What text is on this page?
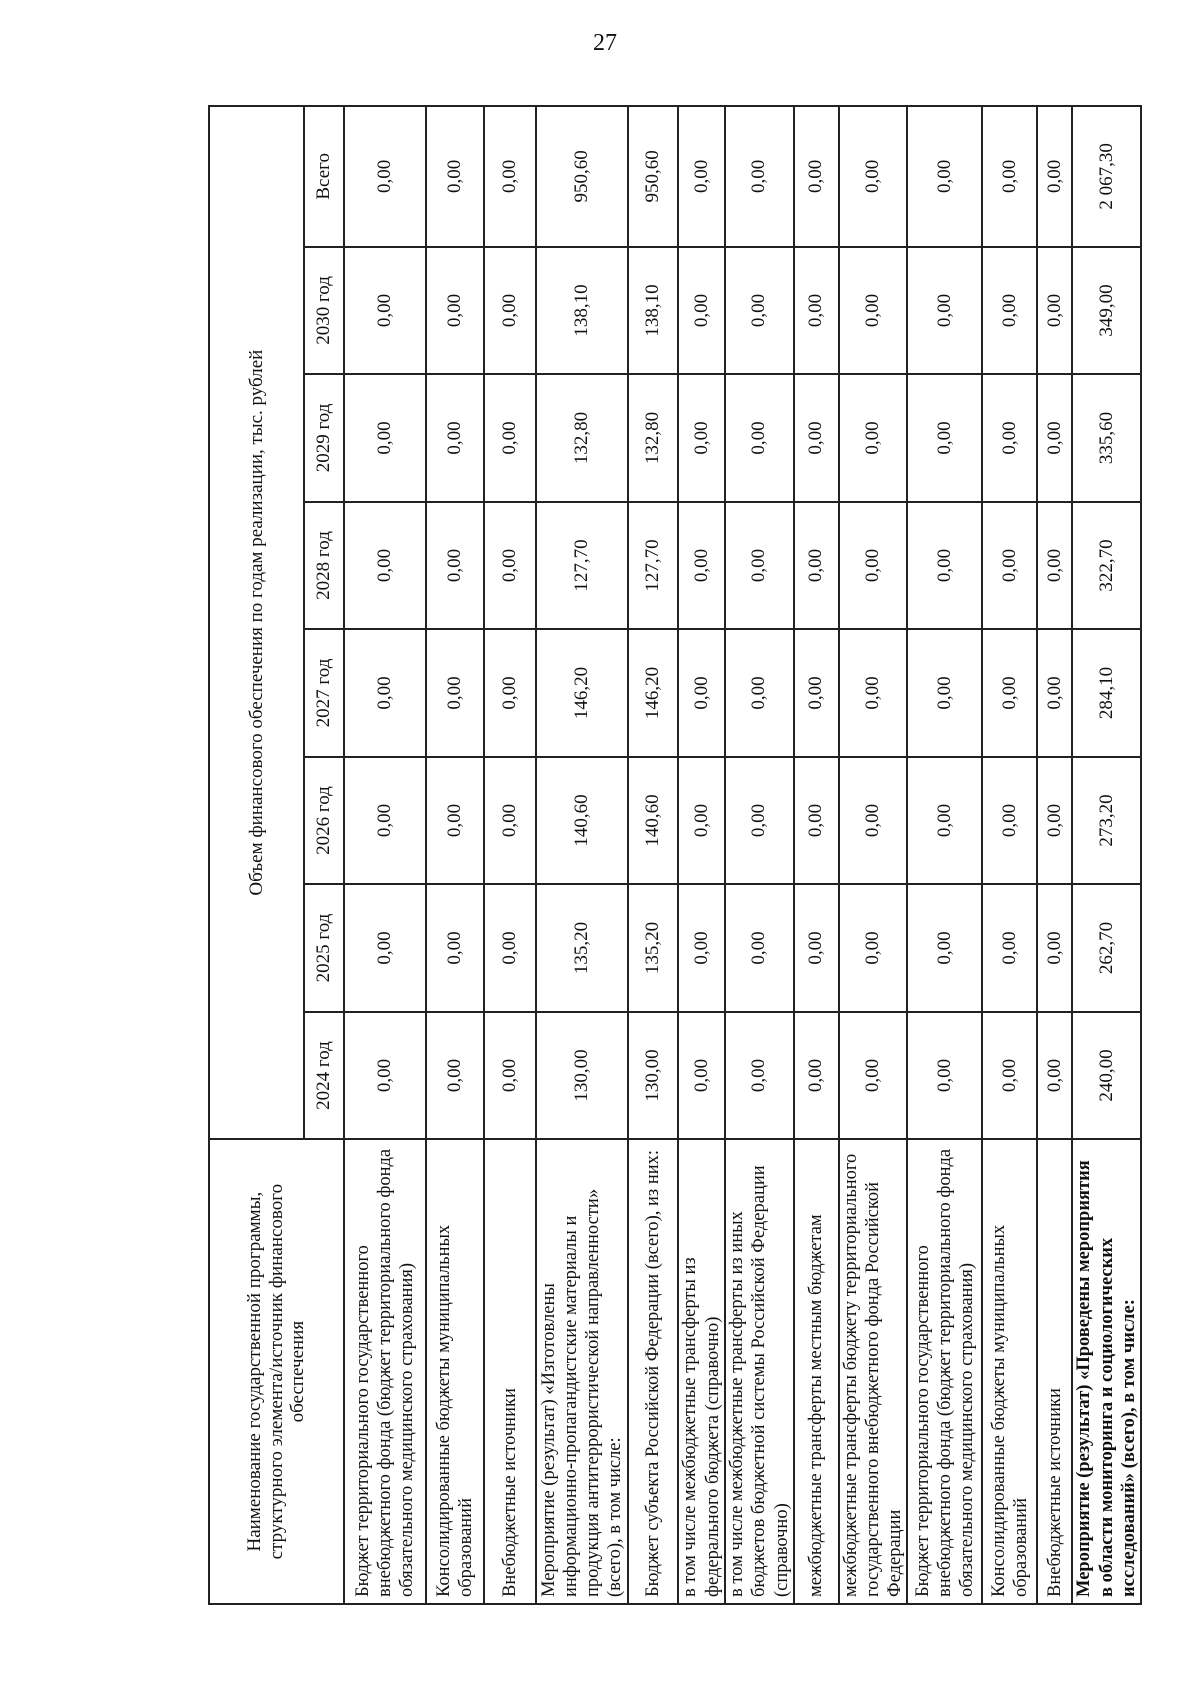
27
Наименование государственной программы, структурного элемента/источник финансового обеспечения	Объем финансового обеспечения по годам реализации, тыс. рублей							
	2024 год	2025 год	2026 год	2027 год	2028 год	2029 год	2030 год	Всего
Бюджет территориального государственного внебюджетного фонда (бюджет территориального фонда обязательного медицинского страхования)	0,00	0,00	0,00	0,00	0,00	0,00	0,00	0,00
Консолидированные бюджеты муниципальных образований	0,00	0,00	0,00	0,00	0,00	0,00	0,00	0,00
Внебюджетные источники	0,00	0,00	0,00	0,00	0,00	0,00	0,00	0,00
Мероприятие (результат) «Изготовлены информационно-пропагандистские материалы и продукция антитеррористической направленности» (всего), в том числе:	130,00	135,20	140,60	146,20	127,70	132,80	138,10	950,60
Бюджет субъекта Российской Федерации (всего), из них:	130,00	135,20	140,60	146,20	127,70	132,80	138,10	950,60
в том числе межбюджетные трансферты из федерального бюджета (справочно)	0,00	0,00	0,00	0,00	0,00	0,00	0,00	0,00
в том числе межбюджетные трансферты из иных бюджетов бюджетной системы Российской Федерации (справочно)	0,00	0,00	0,00	0,00	0,00	0,00	0,00	0,00
межбюджетные трансферты местным бюджетам	0,00	0,00	0,00	0,00	0,00	0,00	0,00	0,00
межбюджетные трансферты бюджету территориального государственного внебюджетного фонда Российской Федерации	0,00	0,00	0,00	0,00	0,00	0,00	0,00	0,00
Бюджет территориального государственного внебюджетного фонда (бюджет территориального фонда обязательного медицинского страхования)	0,00	0,00	0,00	0,00	0,00	0,00	0,00	0,00
Консолидированные бюджеты муниципальных образований	0,00	0,00	0,00	0,00	0,00	0,00	0,00	0,00
Внебюджетные источники	0,00	0,00	0,00	0,00	0,00	0,00	0,00	0,00
Мероприятие (результат) «Проведены мероприятия в области мониторинга и социологических исследований» (всего), в том числе:	240,00	262,70	273,20	284,10	322,70	335,60	349,00	2 067,30
